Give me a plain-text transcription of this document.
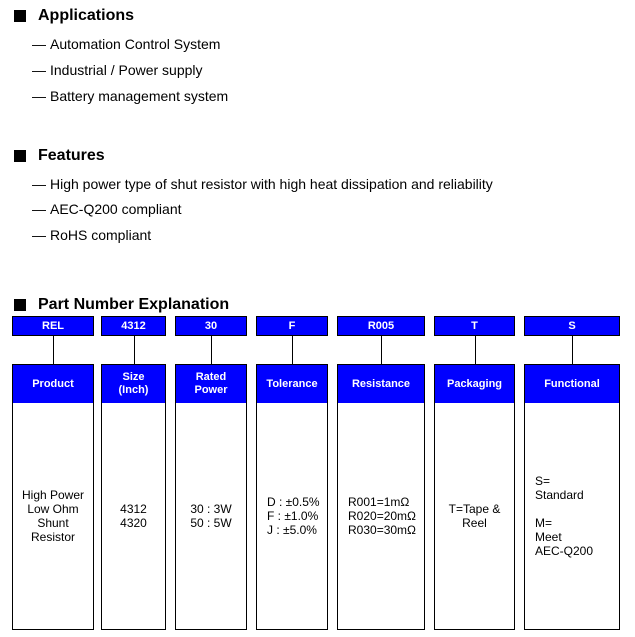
Applications
— Automation Control System
— Industrial / Power supply
— Battery management system
Features
— High power type of shut resistor with high heat dissipation and reliability
— AEC-Q200 compliant
— RoHS compliant
Part Number Explanation
REL
Product
High Power
Low Ohm
Shunt
Resistor
4312
Size
(Inch)
4312
4320
30
Rated
Power
30 : 3W
50 : 5W
F
Tolerance
D : ±0.5%
F : ±1.0%
J : ±5.0%
R005
Resistance
R001=1mΩ
R020=20mΩ
R030=30mΩ
T
Packaging
T=Tape &
Reel
S
Functional
S=
Standard

M=
Meet
AEC-Q200
